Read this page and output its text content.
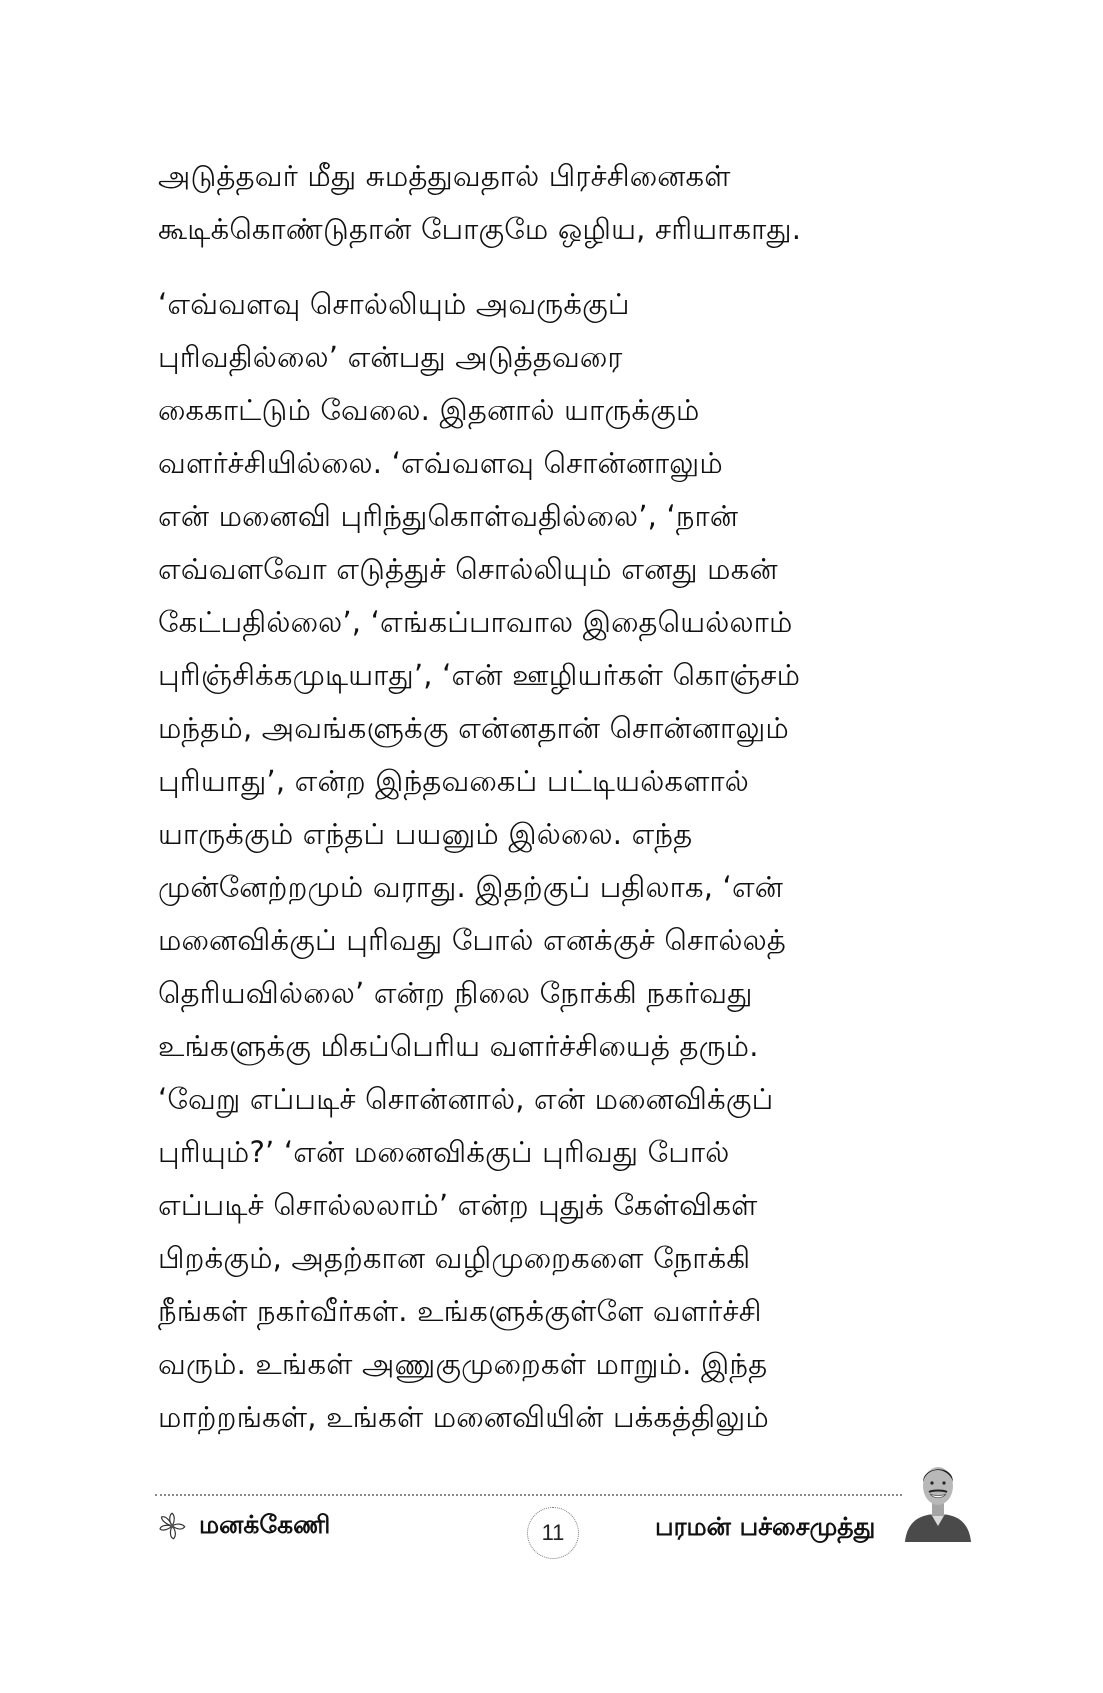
அடுத்தவர் மீது சுமத்துவதால் பிரச்சினைகள்
கூடிக்கொண்டுதான் போகுமே ஒழிய, சரியாகாது.
‘எவ்வளவு சொல்லியும் அவருக்குப்
புரிவதில்லை’ என்பது அடுத்தவரை
கைகாட்டும் வேலை. இதனால் யாருக்கும்
வளர்ச்சியில்லை. ‘எவ்வளவு சொன்னாலும்
என் மனைவி புரிந்துகொள்வதில்லை’, ‘நான்
எவ்வளவோ எடுத்துச் சொல்லியும் எனது மகன்
கேட்பதில்லை’, ‘எங்கப்பாவால இதையெல்லாம்
புரிஞ்சிக்கமுடியாது’, ‘என் ஊழியர்கள் கொஞ்சம்
மந்தம், அவங்களுக்கு என்னதான் சொன்னாலும்
புரியாது’, என்ற இந்தவகைப் பட்டியல்களால்
யாருக்கும் எந்தப் பயனும் இல்லை. எந்த
முன்னேற்றமும் வராது. இதற்குப் பதிலாக, ‘என்
மனைவிக்குப் புரிவது போல் எனக்குச் சொல்லத்
தெரியவில்லை’ என்ற நிலை நோக்கி நகர்வது
உங்களுக்கு மிகப்பெரிய வளர்ச்சியைத் தரும்.
‘வேறு எப்படிச் சொன்னால், என் மனைவிக்குப்
புரியும்?’ ‘என் மனைவிக்குப் புரிவது போல்
எப்படிச் சொல்லலாம்’ என்ற புதுக் கேள்விகள்
பிறக்கும், அதற்கான வழிமுறைகளை நோக்கி
நீங்கள் நகர்வீர்கள். உங்களுக்குள்ளே வளர்ச்சி
வரும். உங்கள் அணுகுமுறைகள் மாறும். இந்த
மாற்றங்கள், உங்கள் மனைவியின் பக்கத்திலும்
மனக்கேணி	11	பரமன் பச்சைமுத்து
